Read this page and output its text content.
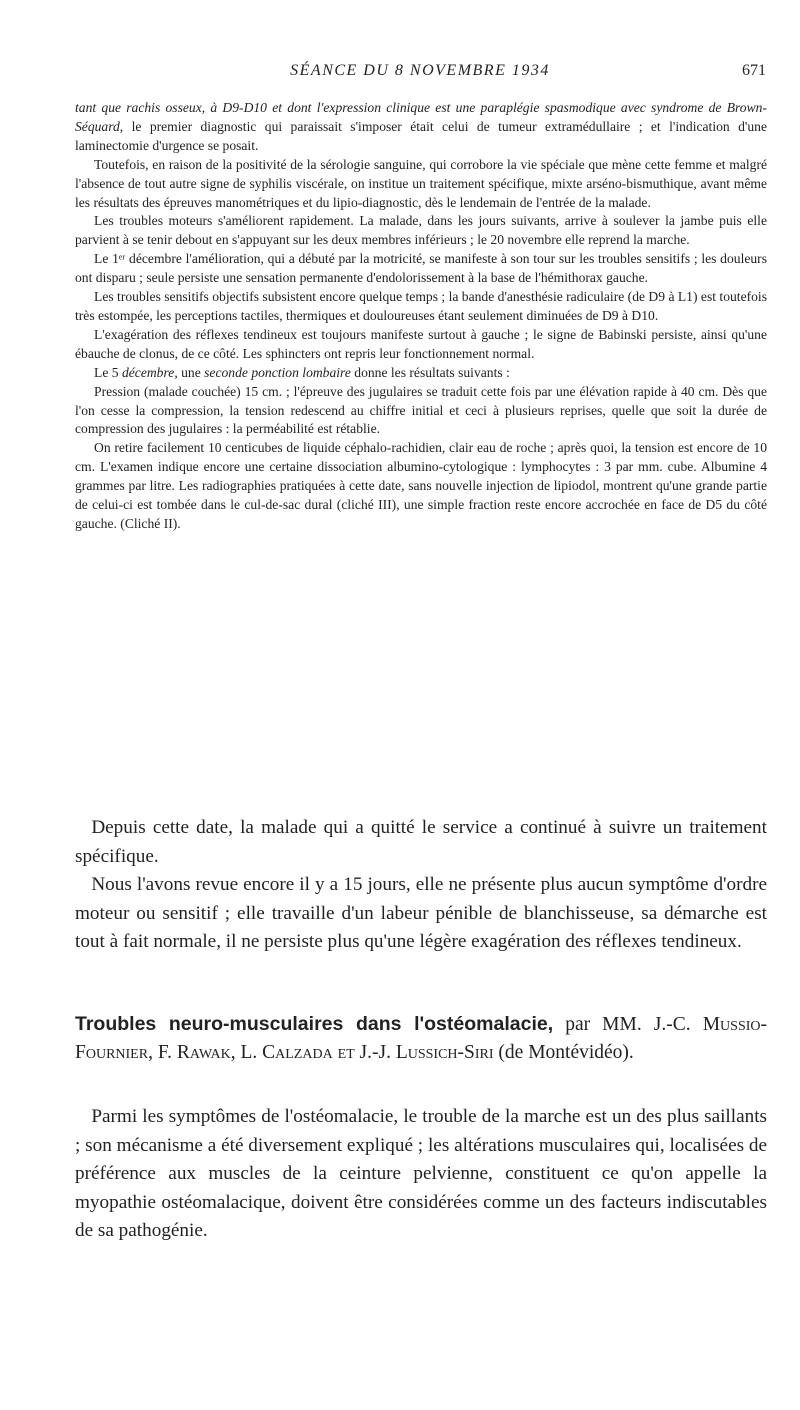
SÉANCE DU 8 NOVEMBRE 1934	671

tant que rachis osseux, à D9-D10 et dont l'expression clinique est une paraplégie spasmodique avec syndrome de Brown-Séquard, le premier diagnostic qui paraissait s'imposer était celui de tumeur extramédullaire ; et l'indication d'une laminectomie d'urgence se posait.

Toutefois, en raison de la positivité de la sérologie sanguine, qui corrobore la vie spéciale que mène cette femme et malgré l'absence de tout autre signe de syphilis viscérale, on institue un traitement spécifique, mixte arséno-bismuthique, avant même les résultats des épreuves manométriques et du lipio-diagnostic, dès le lendemain de l'entrée de la malade.

Les troubles moteurs s'améliorent rapidement. La malade, dans les jours suivants, arrive à soulever la jambe puis elle parvient à se tenir debout en s'appuyant sur les deux membres inférieurs ; le 20 novembre elle reprend la marche.

Le 1ᵉʳ décembre l'amélioration, qui a débuté par la motricité, se manifeste à son tour sur les troubles sensitifs ; les douleurs ont disparu ; seule persiste une sensation permanente d'endolorissement à la base de l'hémithorax gauche.

Les troubles sensitifs objectifs subsistent encore quelque temps ; la bande d'anesthésie radiculaire (de D9 à L1) est toutefois très estompée, les perceptions tactiles, thermiques et douloureuses étant seulement diminuées de D9 à D10.

L'exagération des réflexes tendineux est toujours manifeste surtout à gauche ; le signe de Babinski persiste, ainsi qu'une ébauche de clonus, de ce côté. Les sphincters ont repris leur fonctionnement normal.

Le 5 décembre, une seconde ponction lombaire donne les résultats suivants :

Pression (malade couchée) 15 cm. ; l'épreuve des jugulaires se traduit cette fois par une élévation rapide à 40 cm. Dès que l'on cesse la compression, la tension redescend au chiffre initial et ceci à plusieurs reprises, quelle que soit la durée de compression des jugulaires : la perméabilité est rétablie.

On retire facilement 10 centicubes de liquide céphalo-rachidien, clair eau de roche ; après quoi, la tension est encore de 10 cm. L'examen indique encore une certaine dissociation albumino-cytologique : lymphocytes : 3 par mm. cube. Albumine 4 grammes par litre. Les radiographies pratiquées à cette date, sans nouvelle injection de lipiodol, montrent qu'une grande partie de celui-ci est tombée dans le cul-de-sac dural (cliché III), une simple fraction reste encore accrochée en face de D5 du côté gauche. (Cliché II).

Depuis cette date, la malade qui a quitté le service a continué à suivre un traitement spécifique.

Nous l'avons revue encore il y a 15 jours, elle ne présente plus aucun symptôme d'ordre moteur ou sensitif ; elle travaille d'un labeur pénible de blanchisseuse, sa démarche est tout à fait normale, il ne persiste plus qu'une légère exagération des réflexes tendineux.

Troubles neuro-musculaires dans l'ostéomalacie, par MM. J.-C. Mussio-Fournier, F. Rawak, L. Calzada et J.-J. Lussich-Siri (de Montévidéo).

Parmi les symptômes de l'ostéomalacie, le trouble de la marche est un des plus saillants ; son mécanisme a été diversement expliqué ; les altérations musculaires qui, localisées de préférence aux muscles de la ceinture pelvienne, constituent ce qu'on appelle la myopathie ostéomalacique, doivent être considérées comme un des facteurs indiscutables de sa pathogénie.
